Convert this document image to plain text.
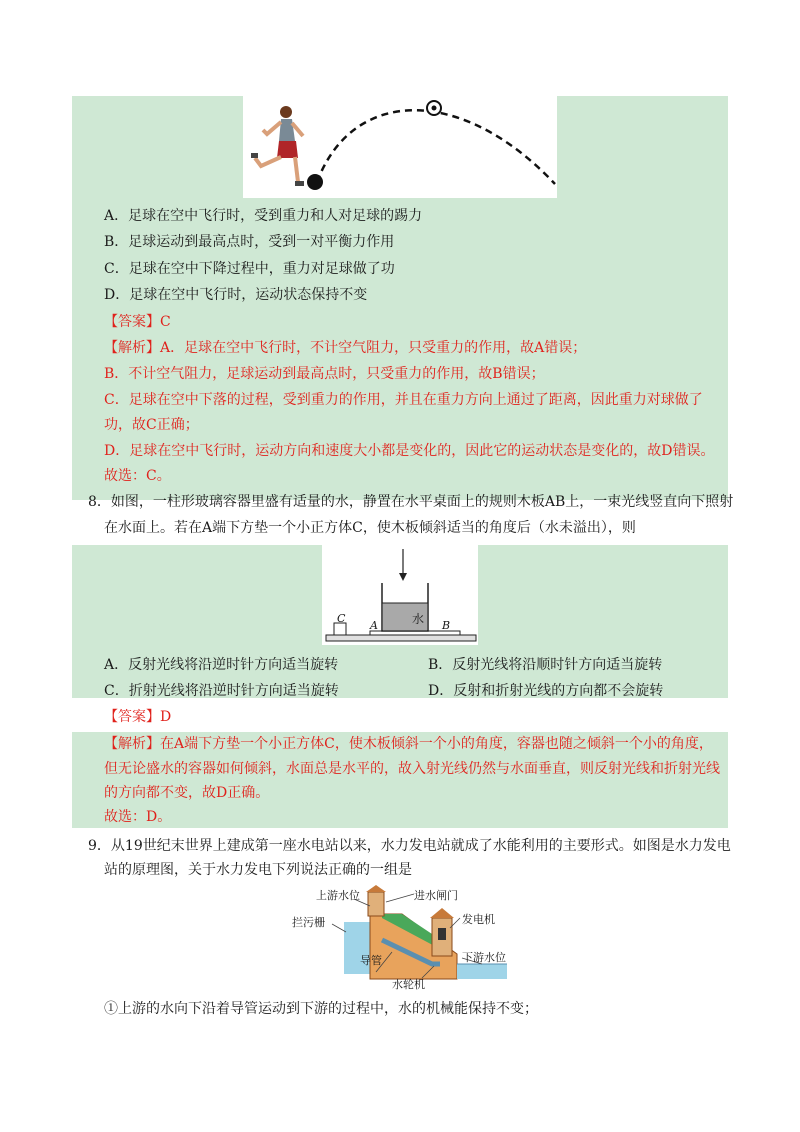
A．足球在空中飞行时，受到重力和人对足球的踢力
B．足球运动到最高点时，受到一对平衡力作用
C．足球在空中下降过程中，重力对足球做了功
D．足球在空中飞行时，运动状态保持不变
【答案】C
【解析】A．足球在空中飞行时，不计空气阻力，只受重力的作用，故A错误；
B．不计空气阻力，足球运动到最高点时，只受重力的作用，故B错误；
C．足球在空中下落的过程，受到重力的作用，并且在重力方向上通过了距离，因此重力对球做了
功，故C正确；
D．足球在空中飞行时，运动方向和速度大小都是变化的，因此它的运动状态是变化的，故D错误。
故选：C。
8．如图，一柱形玻璃容器里盛有适量的水，静置在水平桌面上的规则木板AB上，一束光线竖直向下照射
在水面上。若在A端下方垫一个小正方体C，使木板倾斜适当的角度后（水未溢出），则
C
A	水 B
A．反射光线将沿逆时针方向适当旋转	B．反射光线将沿顺时针方向适当旋转
C．折射光线将沿逆时针方向适当旋转	D．反射和折射光线的方向都不会旋转
【答案】D
【解析】在A端下方垫一个小正方体C，使木板倾斜一个小的角度，容器也随之倾斜一个小的角度，
但无论盛水的容器如何倾斜，水面总是水平的，故入射光线仍然与水面垂直，则反射光线和折射光线
的方向都不变，故D正确。
故选：D。
9．从19世纪末世界上建成第一座水电站以来，水力发电站就成了水能利用的主要形式。如图是水力发电
站的原理图，关于水力发电下列说法正确的一组是
上游水位	进水闸门
发电机
拦污栅
下游水位
导管
水轮机
①上游的水向下沿着导管运动到下游的过程中，水的机械能保持不变；
